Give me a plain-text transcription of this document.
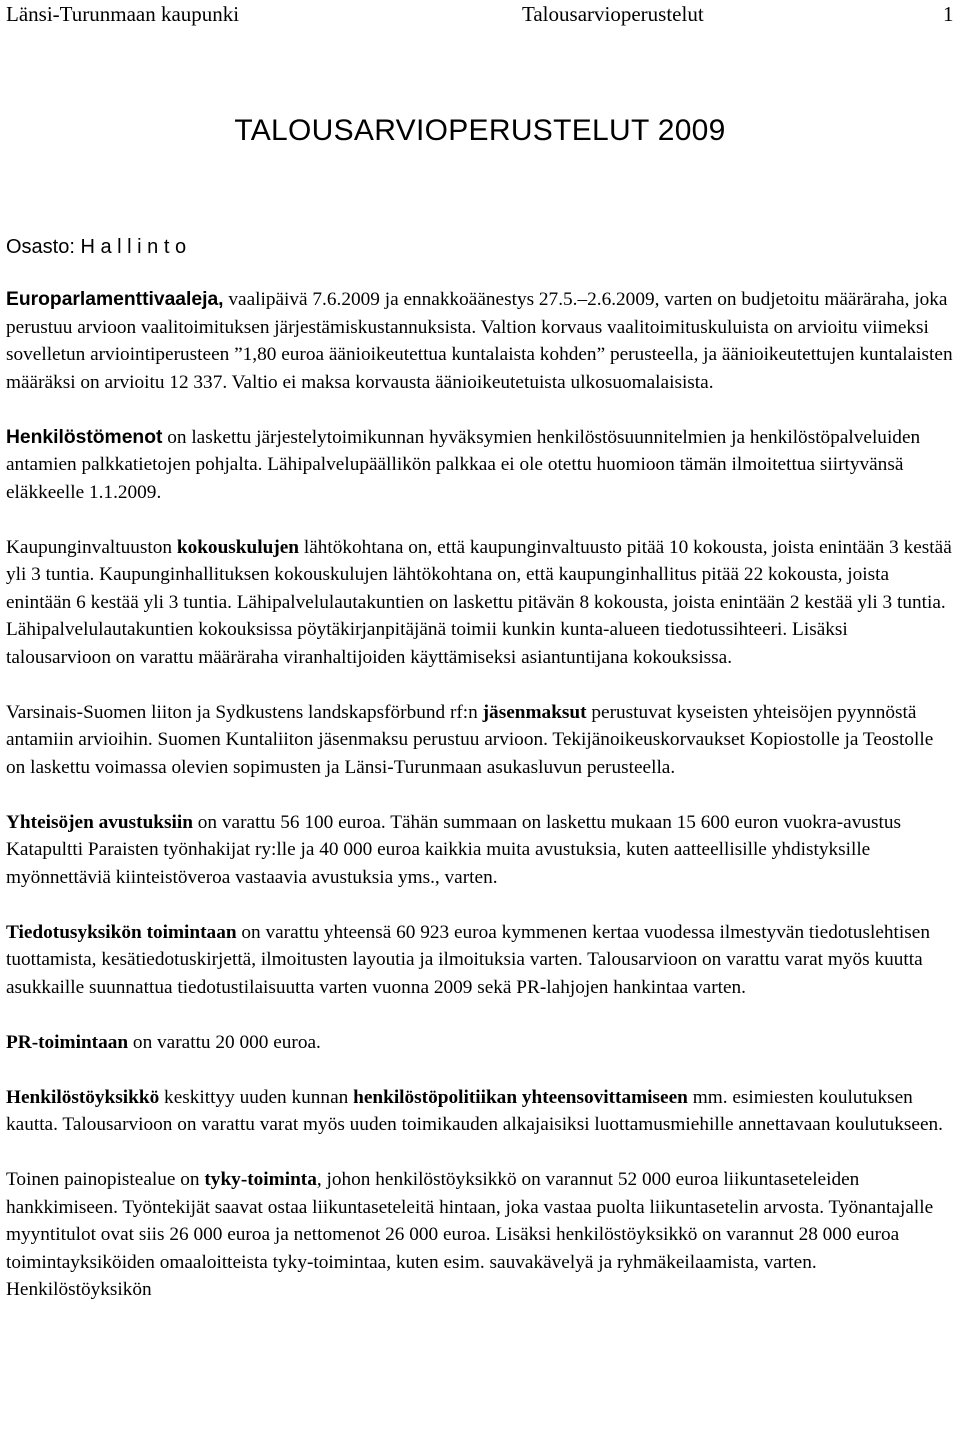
Länsi-Turunmaan kaupunki	Talousarvioperustelut	1
TALOUSARVIOPERUSTELUT 2009
Osasto: H a l l i n t o

Europarlamenttivaaleja, vaalipäivä 7.6.2009 ja ennakkoäänestys 27.5.–2.6.2009, varten on budjetoitu määräraha, joka perustuu arvioon vaalitoimituksen järjestämiskustannuksista. Valtion korvaus vaalitoimituskuluista on arvioitu viimeksi sovelletun arviointiperusteen ”1,80 euroa äänioikeutettua kuntalaista kohden” perusteella, ja äänioikeutettujen kuntalaisten määräksi on arvioitu 12 337. Valtio ei maksa korvausta äänioikeutetuista ulkosuomalaisista.

Henkilöstömenot on laskettu järjestelytoimikunnan hyväksymien henkilöstösuunnitelmien ja henkilöstöpalveluiden antamien palkkatietojen pohjalta. Lähipalvelupäällikön palkkaa ei ole otettu huomioon tämän ilmoitettua siirtyvänsä eläkkeelle 1.1.2009.

Kaupunginvaltuuston kokouskulujen lähtökohtana on, että kaupunginvaltuusto pitää 10 kokousta, joista enintään 3 kestää yli 3 tuntia. Kaupunginhallituksen kokouskulujen lähtökohtana on, että kaupunginhallitus pitää 22 kokousta, joista enintään 6 kestää yli 3 tuntia. Lähipalvelulautakuntien on laskettu pitävän 8 kokousta, joista enintään 2 kestää yli 3 tuntia. Lähipalvelulautakuntien kokouksissa pöytäkirjanpitäjänä toimii kunkin kunta-alueen tiedotussihteeri. Lisäksi talousarvioon on varattu määräraha viranhaltijoiden käyttämiseksi asiantuntijana kokouksissa.

Varsinais-Suomen liiton ja Sydkustens landskapsförbund rf:n jäsenmaksut perustuvat kyseisten yhteisöjen pyynnöstä antamiin arvioihin. Suomen Kuntaliiton jäsenmaksu perustuu arvioon. Tekijänoikeuskorvaukset Kopiostolle ja Teostolle on laskettu voimassa olevien sopimusten ja Länsi-Turunmaan asukasluvun perusteella.

Yhteisöjen avustuksiin on varattu 56 100 euroa. Tähän summaan on laskettu mukaan 15 600 euron vuokra-avustus Katapultti Paraisten työnhakijat ry:lle ja 40 000 euroa kaikkia muita avustuksia, kuten aatteellisille yhdistyksille myönnettäviä kiinteistöveroa vastaavia avustuksia yms., varten.

Tiedotusyksikön toimintaan on varattu yhteensä 60 923 euroa kymmenen kertaa vuodessa ilmestyvän tiedotuslehtisen tuottamista, kesätiedotuskirjettä, ilmoitusten layoutia ja ilmoituksia varten. Talousarvioon on varattu varat myös kuutta asukkaille suunnattua tiedotustilaisuutta varten vuonna 2009 sekä PR-lahjojen hankintaa varten.

PR-toimintaan on varattu 20 000 euroa.

Henkilöstöyksikkö keskittyy uuden kunnan henkilöstöpolitiikan yhteensovittamiseen mm. esimiesten koulutuksen kautta. Talousarvioon on varattu varat myös uuden toimikauden alkajaisiksi luottamusmiehille annettavaan koulutukseen.

Toinen painopistealue on tyky-toiminta, johon henkilöstöyksikkö on varannut 52 000 euroa liikuntaseteleiden hankkimiseen. Työntekijät saavat ostaa liikuntaseteleitä hintaan, joka vastaa puolta liikuntasetelin arvosta. Työnantajalle myyntitulot ovat siis 26 000 euroa ja nettomenot 26 000 euroa. Lisäksi henkilöstöyksikkö on varannut 28 000 euroa toimintayksiköiden omaaloitteista tyky-toimintaa, kuten esim. sauvakävelyä ja ryhmäkeilaamista, varten. Henkilöstöyksikön
